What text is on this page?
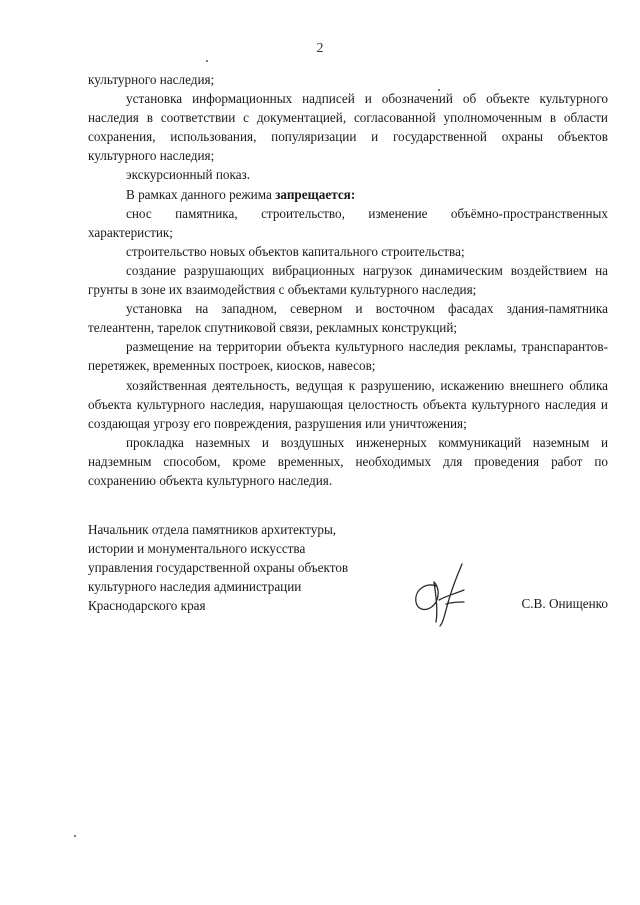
2

культурного наследия;

установка информационных надписей и обозначений об объекте культурного наследия в соответствии с документацией, согласованной уполномоченным в области сохранения, использования, популяризации и государственной охраны объектов культурного наследия;

экскурсионный показ.

В рамках данного режима запрещается:

снос памятника, строительство, изменение объёмно-пространственных характеристик;

строительство новых объектов капитального строительства;

создание разрушающих вибрационных нагрузок динамическим воздействием на грунты в зоне их взаимодействия с объектами культурного наследия;

установка на западном, северном и восточном фасадах здания-памятника телеантенн, тарелок спутниковой связи, рекламных конструкций;

размещение на территории объекта культурного наследия рекламы, транспарантов-перетяжек, временных построек, киосков, навесов;

хозяйственная деятельность, ведущая к разрушению, искажению внешнего облика объекта культурного наследия, нарушающая целостность объекта культурного наследия и создающая угрозу его повреждения, разрушения или уничтожения;

прокладка наземных и воздушных инженерных коммуникаций наземным и надземным способом, кроме временных, необходимых для проведения работ по сохранению объекта культурного наследия.

Начальник отдела памятников архитектуры,
истории и монументального искусства
управления государственной охраны объектов
культурного наследия администрации
Краснодарского края	С.В. Онищенко
